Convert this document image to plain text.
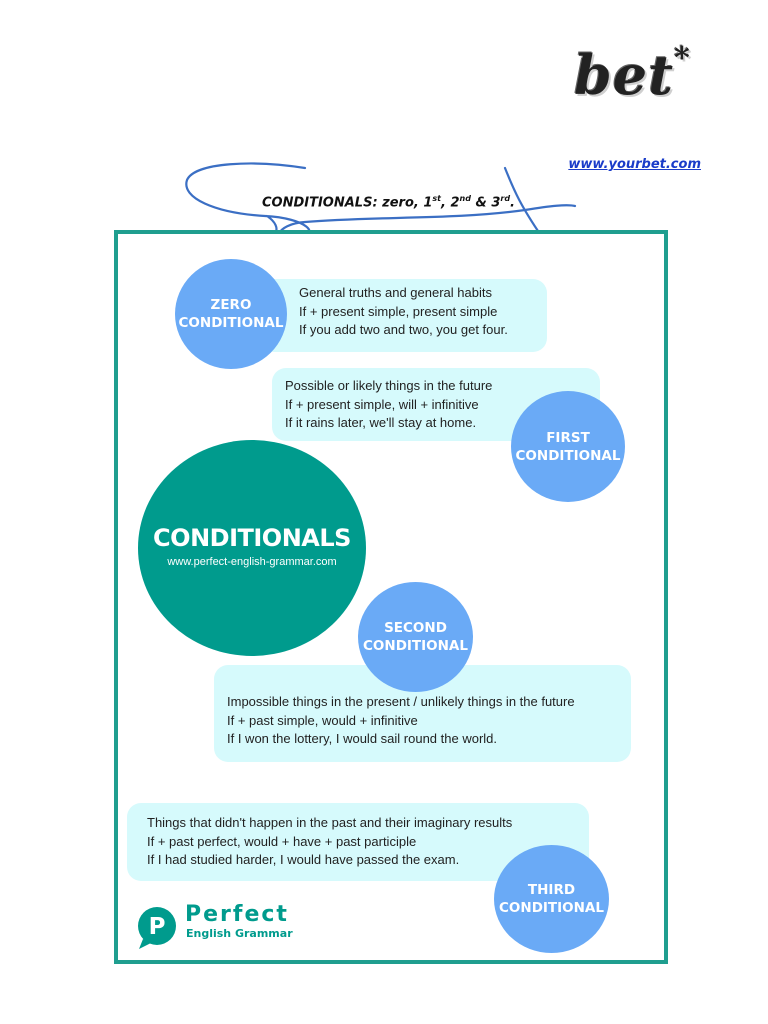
bet*
www.yourbet.com
CONDITIONALS: zero, 1st, 2nd & 3rd.
General truths and general habits
If + present simple, present simple
If you add two and two, you get four.
ZERO
CONDITIONAL
Possible or likely things in the future
If + present simple, will + infinitive
If it rains later, we'll stay at home.
FIRST
CONDITIONAL
CONDITIONALS
www.perfect-english-grammar.com
Impossible things in the present / unlikely things in the future
If + past simple, would + infinitive
If I won the lottery, I would sail round the world.
SECOND
CONDITIONAL
Things that didn't happen in the past and their imaginary results
If + past perfect, would + have + past participle
If I had studied harder, I would have passed the exam.
THIRD
CONDITIONAL
P Perfect
English Grammar
